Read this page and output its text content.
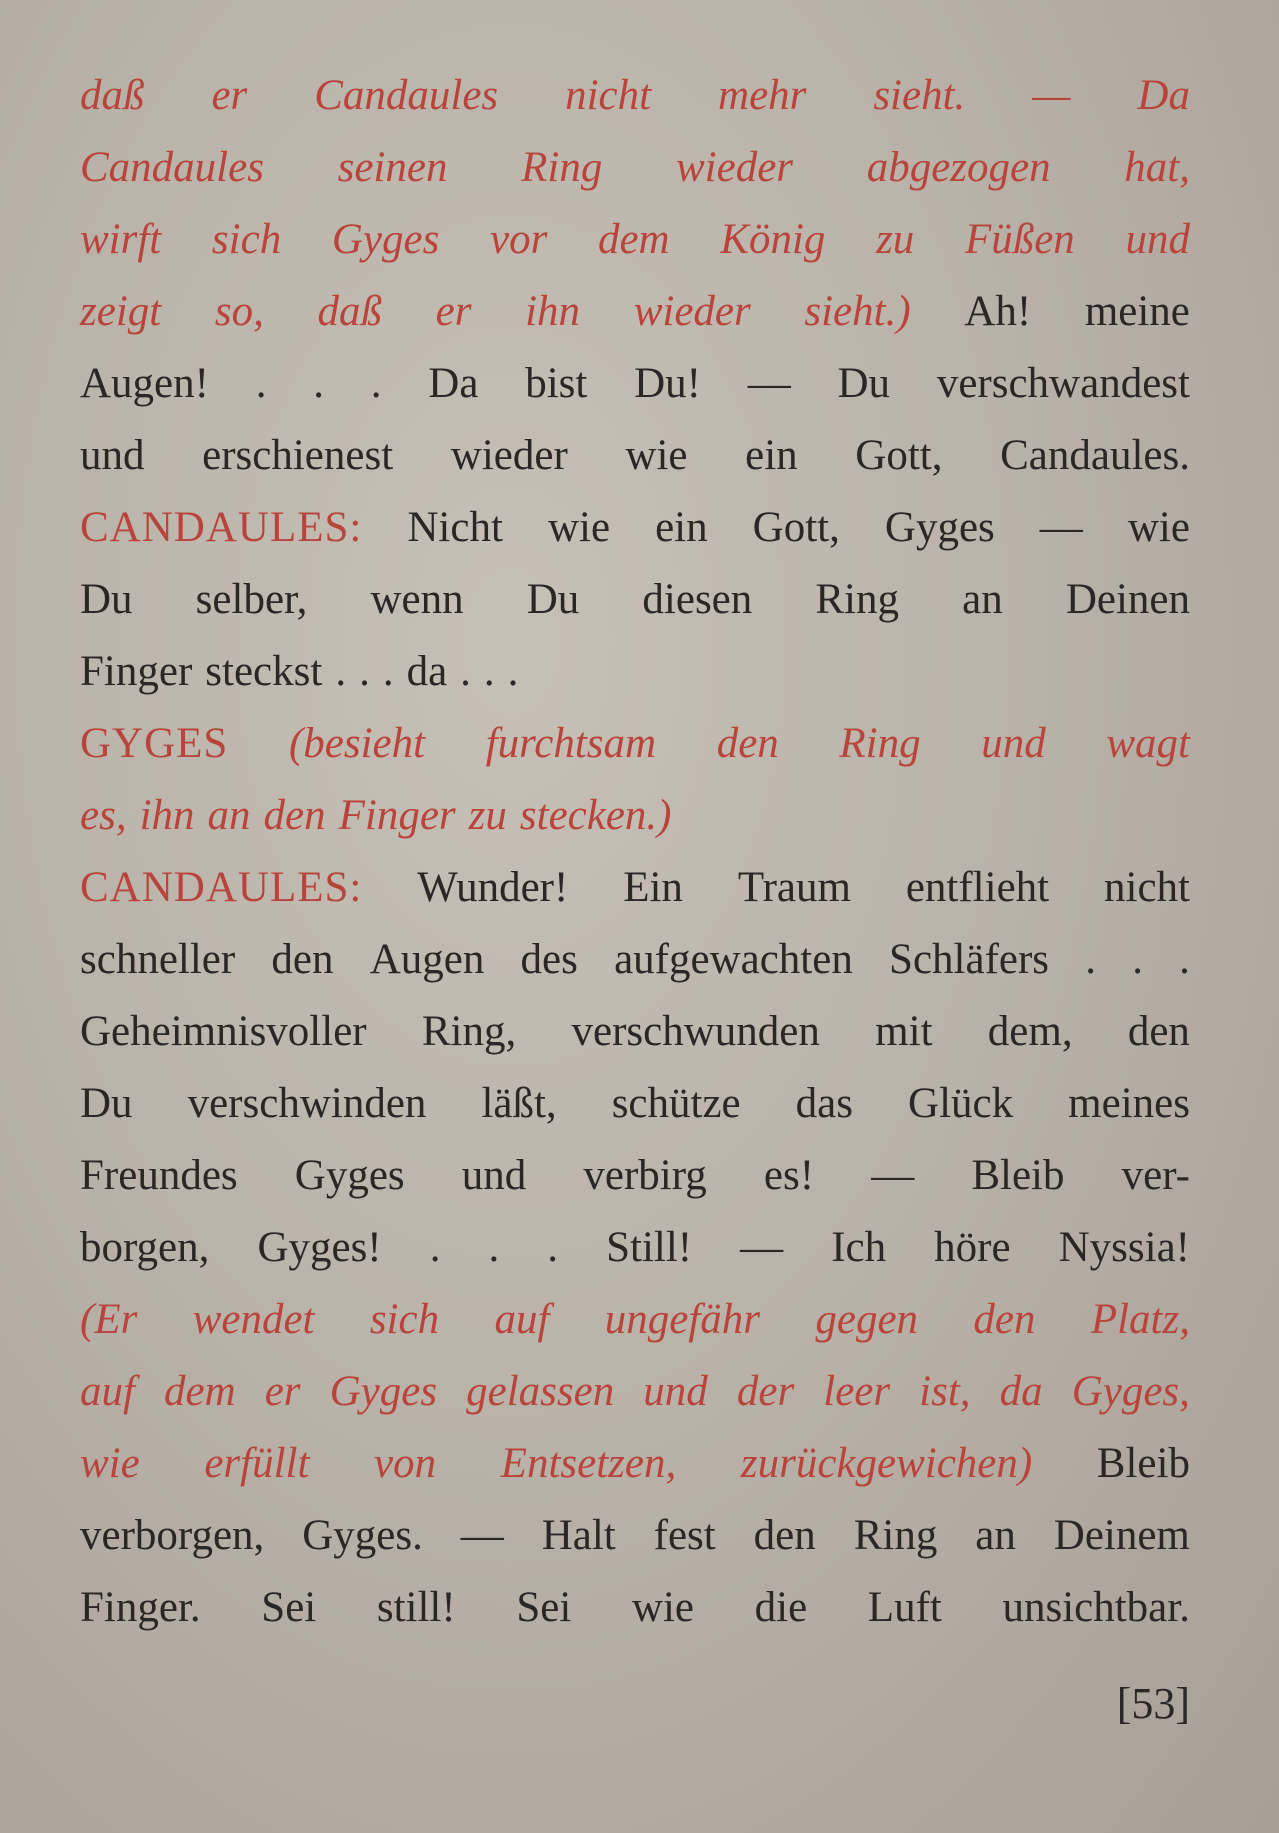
daß er Candaules nicht mehr sieht. — Da
Candaules seinen Ring wieder abgezogen hat,
wirft sich Gyges vor dem König zu Füßen und
zeigt so, daß er ihn wieder sieht.) Ah! meine
Augen! . . . Da bist Du! — Du verschwandest
und erschienest wieder wie ein Gott, Candaules.
CANDAULES: Nicht wie ein Gott, Gyges — wie
Du selber, wenn Du diesen Ring an Deinen
Finger steckst . . . da . . .
GYGES (besieht furchtsam den Ring und wagt
es, ihn an den Finger zu stecken.)
CANDAULES: Wunder! Ein Traum entflieht nicht
schneller den Augen des aufgewachten Schläfers . . .
Geheimnisvoller Ring, verschwunden mit dem, den
Du verschwinden läßt, schütze das Glück meines
Freundes Gyges und verbirg es! — Bleib ver-
borgen, Gyges! . . . Still! — Ich höre Nyssia!
(Er wendet sich auf ungefähr gegen den Platz,
auf dem er Gyges gelassen und der leer ist, da Gyges,
wie erfüllt von Entsetzen, zurückgewichen) Bleib
verborgen, Gyges. — Halt fest den Ring an Deinem
Finger. Sei still! Sei wie die Luft unsichtbar.
[53]
